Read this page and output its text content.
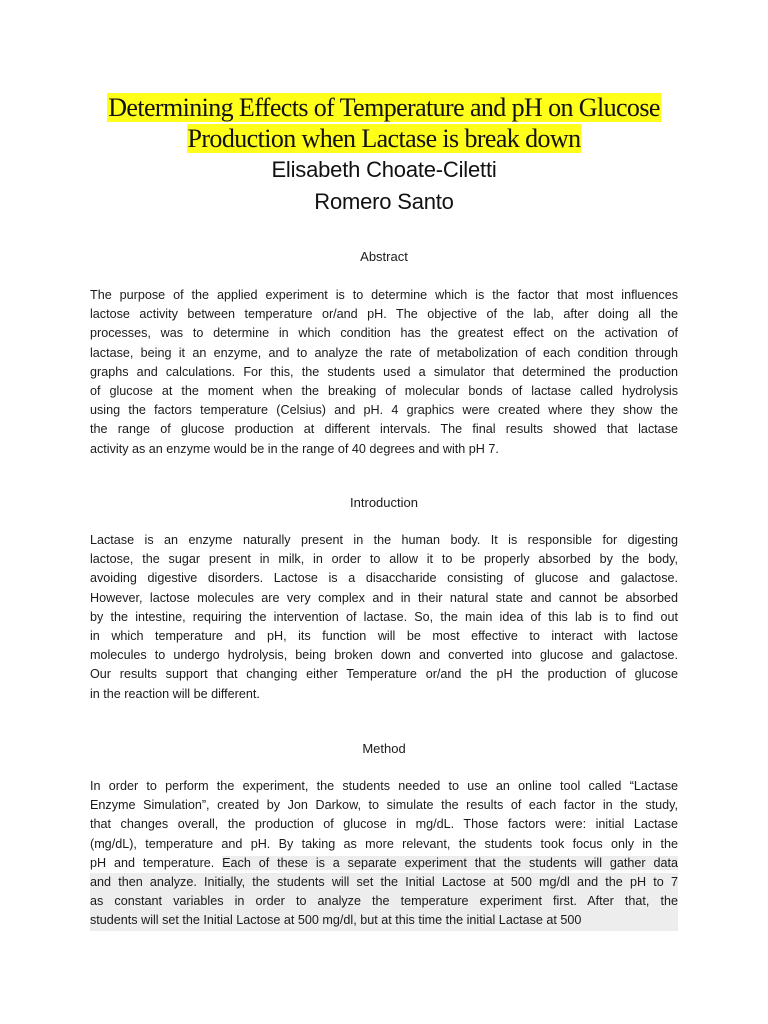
Determining Effects of Temperature and pH on Glucose
Production when Lactase is break down
Elisabeth Choate-Ciletti
Romero Santo
Abstract
The purpose of the applied experiment is to determine which is the factor that most influences
lactose activity between temperature or/and pH. The objective of the lab, after doing all the
processes, was to determine in which condition has the greatest effect on the activation of
lactase, being it an enzyme, and to analyze the rate of metabolization of each condition through
graphs and calculations. For this, the students used a simulator that determined the production
of glucose at the moment when the breaking of molecular bonds of lactase called hydrolysis
using the factors temperature (Celsius) and pH. 4 graphics were created where they show the
the range of glucose production at different intervals. The final results showed that lactase
activity as an enzyme would be in the range of 40 degrees and with pH 7.
Introduction
Lactase is an enzyme naturally present in the human body. It is responsible for digesting
lactose, the sugar present in milk, in order to allow it to be properly absorbed by the body,
avoiding digestive disorders. Lactose is a disaccharide consisting of glucose and galactose.
However, lactose molecules are very complex and in their natural state and cannot be absorbed
by the intestine, requiring the intervention of lactase. So, the main idea of this lab is to find out
in which temperature and pH, its function will be most effective to interact with lactose
molecules to undergo hydrolysis, being broken down and converted into glucose and galactose.
Our results support that changing either Temperature or/and the pH the production of glucose
in the reaction will be different.
Method
In order to perform the experiment, the students needed to use an online tool called “Lactase
Enzyme Simulation”, created by Jon Darkow, to simulate the results of each factor in the study,
that changes overall, the production of glucose in mg/dL. Those factors were: initial Lactase
(mg/dL), temperature and pH. By taking as more relevant, the students took focus only in the
pH and temperature. Each of these is a separate experiment that the students will gather data
and then analyze. Initially, the students will set the Initial Lactose at 500 mg/dl and the pH to 7
as constant variables in order to analyze the temperature experiment first. After that, the
students will set the Initial Lactose at 500 mg/dl, but at this time the initial Lactase at 500
